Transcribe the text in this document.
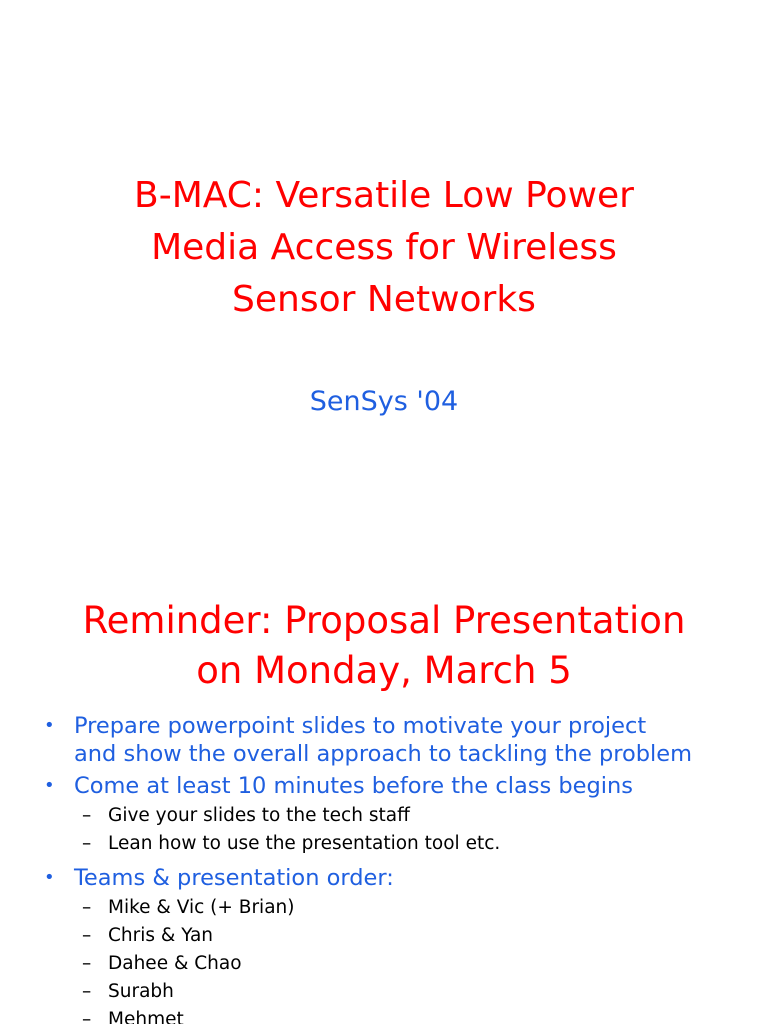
B-MAC: Versatile Low Power
Media Access for Wireless
Sensor Networks

SenSys '04

Reminder: Proposal Presentation
on Monday, March 5
• Prepare powerpoint slides to motivate your project
and show the overall approach to tackling the problem
• Come at least 10 minutes before the class begins
– Give your slides to the tech staff
– Lean how to use the presentation tool etc.
• Teams & presentation order:
– Mike & Vic (+ Brian)
– Chris & Yan
– Dahee & Chao
– Surabh
– Mehmet
